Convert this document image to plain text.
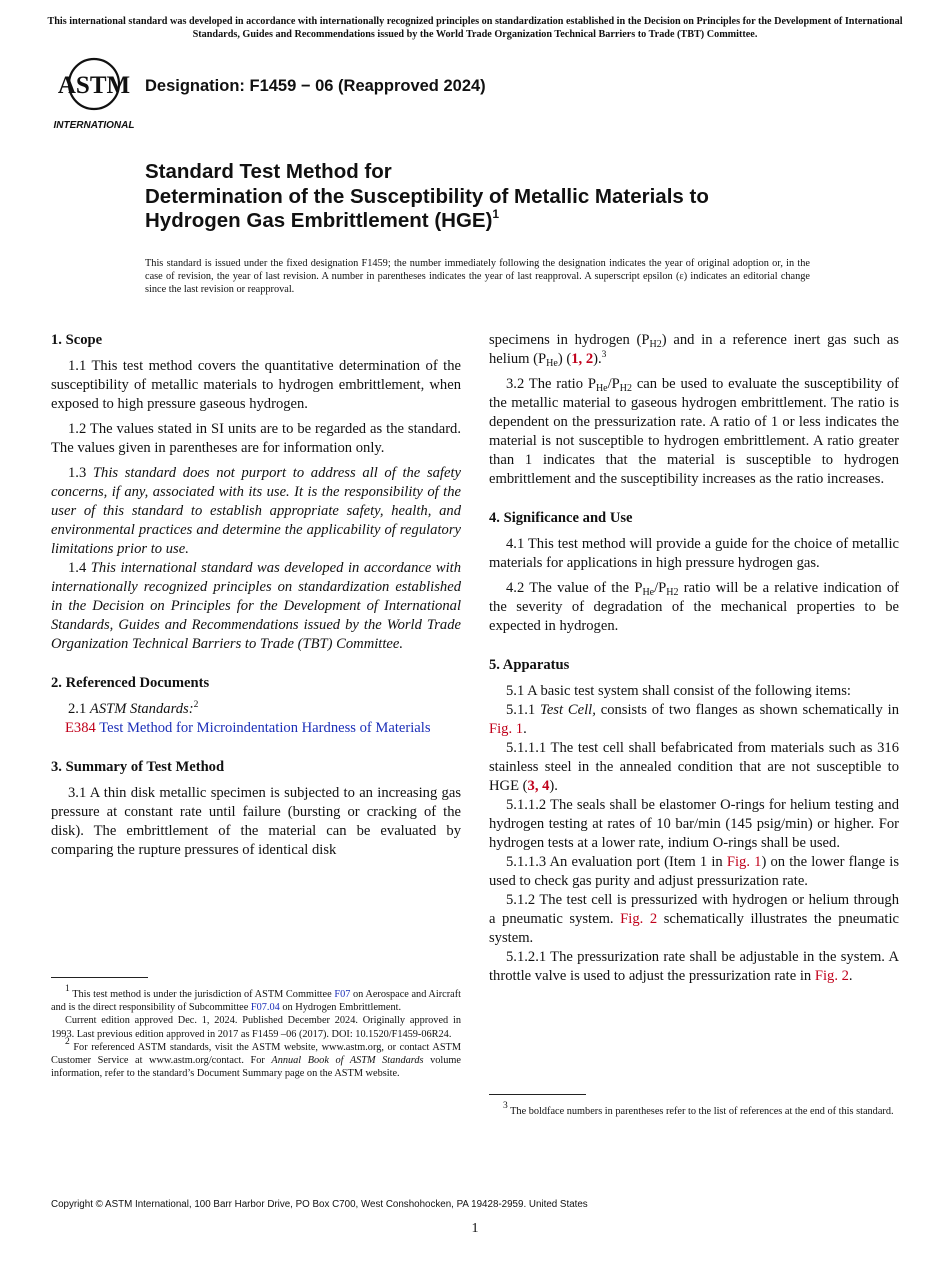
This international standard was developed in accordance with internationally recognized principles on standardization established in the Decision on Principles for the Development of International Standards, Guides and Recommendations issued by the World Trade Organization Technical Barriers to Trade (TBT) Committee.
ASTM
INTERNATIONAL
Designation: F1459 − 06 (Reapproved 2024)
Standard Test Method for
Determination of the Susceptibility of Metallic Materials to
Hydrogen Gas Embrittlement (HGE)$^1$
This standard is issued under the fixed designation F1459; the number immediately following the designation indicates the year of original adoption or, in the case of revision, the year of last revision. A number in parentheses indicates the year of last reapproval. A superscript epsilon (ε) indicates an editorial change since the last revision or reapproval.
1. Scope

1.1 This test method covers the quantitative determination of the susceptibility of metallic materials to hydrogen embrittlement, when exposed to high pressure gaseous hydrogen.

1.2 The values stated in SI units are to be regarded as the standard. The values given in parentheses are for information only.

1.3 This standard does not purport to address all of the safety concerns, if any, associated with its use. It is the responsibility of the user of this standard to establish appropriate safety, health, and environmental practices and determine the applicability of regulatory limitations prior to use.

1.4 This international standard was developed in accordance with internationally recognized principles on standardization established in the Decision on Principles for the Development of International Standards, Guides and Recommendations issued by the World Trade Organization Technical Barriers to Trade (TBT) Committee.

2. Referenced Documents

2.1 ASTM Standards:$^2$

E384 Test Method for Microindentation Hardness of Materials

3. Summary of Test Method

3.1 A thin disk metallic specimen is subjected to an increasing gas pressure at constant rate until failure (bursting or cracking of the disk). The embrittlement of the material can be evaluated by comparing the rupture pressures of identical disk

$^1$ This test method is under the jurisdiction of ASTM Committee F07 on Aerospace and Aircraft and is the direct responsibility of Subcommittee F07.04 on Hydrogen Embrittlement.

Current edition approved Dec. 1, 2024. Published December 2024. Originally approved in 1993. Last previous edition approved in 2017 as F1459 –06 (2017). DOI: 10.1520/F1459-06R24.

$^2$ For referenced ASTM standards, visit the ASTM website, www.astm.org, or contact ASTM Customer Service at www.astm.org/contact. For Annual Book of ASTM Standards volume information, refer to the standard’s Document Summary page on the ASTM website.

specimens in hydrogen $(P_{H2})$ and in a reference inert gas such as helium $(P_{He})$ (1, 2).$^3$

3.2 The ratio $P_{He}/P_{H2}$ can be used to evaluate the susceptibility of the metallic material to gaseous hydrogen embrittlement. The ratio is dependent on the pressurization rate. A ratio of 1 or less indicates the material is not susceptible to hydrogen embrittlement. A ratio greater than 1 indicates that the material is susceptible to hydrogen embrittlement and the susceptibility increases as the ratio increases.

4. Significance and Use

4.1 This test method will provide a guide for the choice of metallic materials for applications in high pressure hydrogen gas.

4.2 The value of the $P_{He}/P_{H2}$ ratio will be a relative indication of the severity of degradation of the mechanical properties to be expected in hydrogen.

5. Apparatus

5.1 A basic test system shall consist of the following items:

5.1.1 Test Cell, consists of two flanges as shown schematically in Fig. 1.

5.1.1.1 The test cell shall befabricated from materials such as 316 stainless steel in the annealed condition that are not susceptible to HGE (3, 4).

5.1.1.2 The seals shall be elastomer O-rings for helium testing and hydrogen testing at rates of 10 bar/min (145 psig/min) or higher. For hydrogen tests at a lower rate, indium O-rings shall be used.

5.1.1.3 An evaluation port (Item 1 in Fig. 1) on the lower flange is used to check gas purity and adjust pressurization rate.

5.1.2 The test cell is pressurized with hydrogen or helium through a pneumatic system. Fig. 2 schematically illustrates the pneumatic system.

5.1.2.1 The pressurization rate shall be adjustable in the system. A throttle valve is used to adjust the pressurization rate in Fig. 2.

$^3$ The boldface numbers in parentheses refer to the list of references at the end of this standard.

Copyright © ASTM International, 100 Barr Harbor Drive, PO Box C700, West Conshohocken, PA 19428-2959. United States
1
